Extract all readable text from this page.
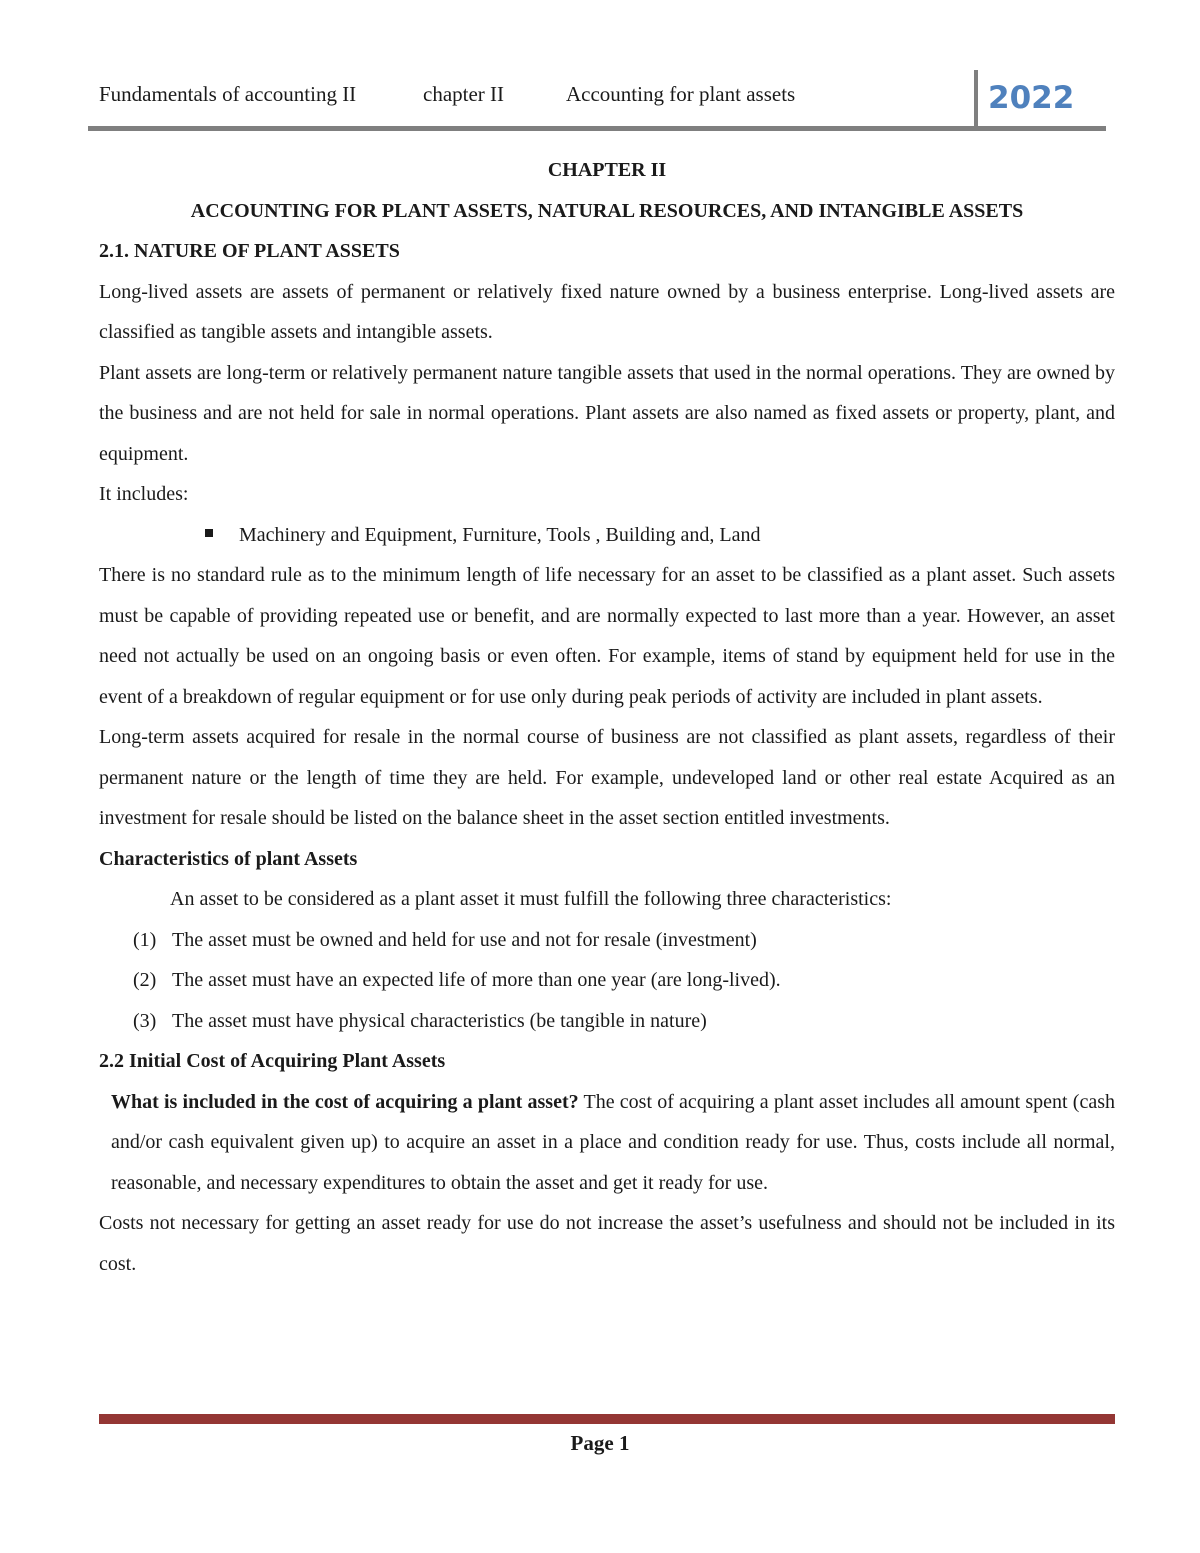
Fundamentals of accounting II	chapter II	Accounting for plant assets	2022

CHAPTER II

ACCOUNTING FOR PLANT ASSETS, NATURAL RESOURCES, AND INTANGIBLE ASSETS

2.1. NATURE OF PLANT ASSETS

Long-lived assets are assets of permanent or relatively fixed nature owned by a business enterprise. Long-lived assets are classified as tangible assets and intangible assets.

Plant assets are long-term or relatively permanent nature tangible assets that used in the normal operations. They are owned by the business and are not held for sale in normal operations. Plant assets are also named as fixed assets or property, plant, and equipment.

It includes:

Machinery and Equipment, Furniture, Tools , Building and, Land

There is no standard rule as to the minimum length of life necessary for an asset to be classified as a plant asset. Such assets must be capable of providing repeated use or benefit, and are normally expected to last more than a year. However, an asset need not actually be used on an ongoing basis or even often. For example, items of stand by equipment held for use in the event of a breakdown of regular equipment or for use only during peak periods of activity are included in plant assets.

Long-term assets acquired for resale in the normal course of business are not classified as plant assets, regardless of their permanent nature or the length of time they are held. For example, undeveloped land or other real estate Acquired as an investment for resale should be listed on the balance sheet in the asset section entitled investments.

Characteristics of plant Assets

An asset to be considered as a plant asset it must fulfill the following three characteristics:

(1) The asset must be owned and held for use and not for resale (investment)
(2) The asset must have an expected life of more than one year (are long-lived).
(3) The asset must have physical characteristics (be tangible in nature)

2.2 Initial Cost of Acquiring Plant Assets

What is included in the cost of acquiring a plant asset? The cost of acquiring a plant asset includes all amount spent (cash and/or cash equivalent given up) to acquire an asset in a place and condition ready for use. Thus, costs include all normal, reasonable, and necessary expenditures to obtain the asset and get it ready for use.

Costs not necessary for getting an asset ready for use do not increase the asset’s usefulness and should not be included in its cost.

Page 1
